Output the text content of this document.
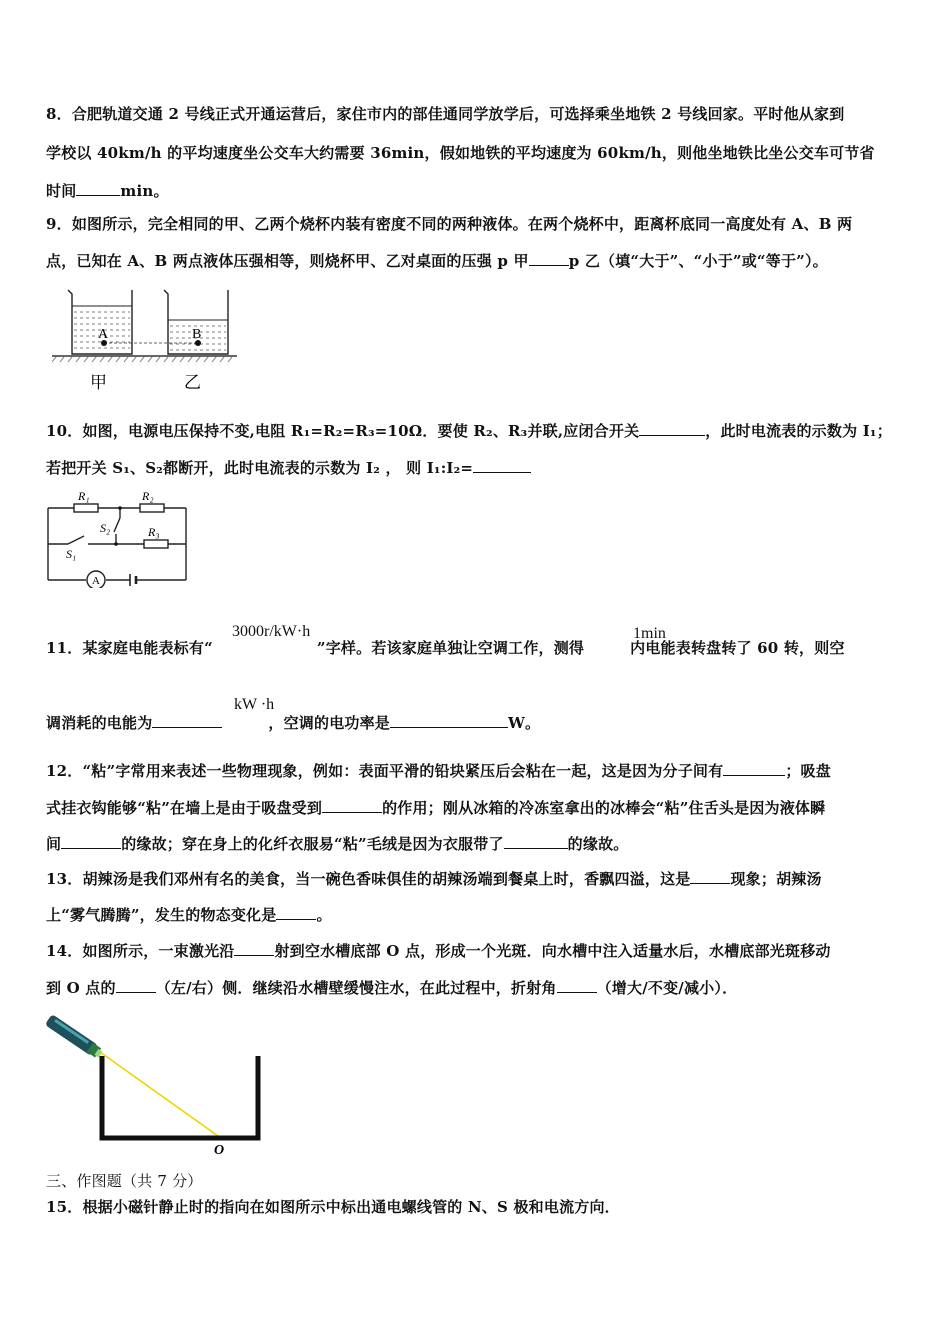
8．合肥轨道交通 2 号线正式开通运营后，家住市内的部佳通同学放学后，可选择乘坐地铁 2 号线回家。平时他从家到
学校以 40km/h 的平均速度坐公交车大约需要 36min，假如地铁的平均速度为 60km/h，则他坐地铁比坐公交车可节省
时间	min。
9．如图所示，完全相同的甲、乙两个烧杯内装有密度不同的两种液体。在两个烧杯中，距离杯底同一高度处有 A、B 两
点，已知在 A、B 两点液体压强相等，则烧杯甲、乙对桌面的压强 p 甲	p 乙（填“大于”、“小于”或“等于”）。
A	B
甲	乙
10．如图，电源电压保持不变,电阻 R₁=R₂=R₃=10Ω．要使 R₂、R₃并联,应闭合开关	，此时电流表的示数为 I₁；
若把开关 S₁、S₂都断开，此时电流表的示数为 I₂ ， 则 I₁:I₂=
R₁	R₂
R₃
S₂
S₁
A
3000r/kW·h	1min
11．某家庭电能表标有“	”字样。若该家庭单独让空调工作，测得	内电能表转盘转了 60 转，则空
kW ·h
调消耗的电能为	，空调的电功率是	W。
12．“粘”字常用来表述一些物理现象，例如：表面平滑的铅块紧压后会粘在一起，这是因为分子间有	；吸盘
式挂衣钩能够“粘”在墙上是由于吸盘受到	的作用；刚从冰箱的冷冻室拿出的冰棒会“粘”住舌头是因为液体瞬
间	的缘故；穿在身上的化纤衣服易“粘”毛绒是因为衣服带了	的缘故。
13．胡辣汤是我们邓州有名的美食，当一碗色香味俱佳的胡辣汤端到餐桌上时，香飘四溢，这是	现象；胡辣汤
上“雾气腾腾”，发生的物态变化是	。
14．如图所示，一束激光沿	射到空水槽底部 O 点，形成一个光斑．向水槽中注入适量水后，水槽底部光斑移动
到 O 点的	（左/右）侧．继续沿水槽壁缓慢注水，在此过程中，折射角	（增大/不变/减小）．
O
三、作图题（共 7 分）
15．根据小磁针静止时的指向在如图所示中标出通电螺线管的 N、S 极和电流方向．
